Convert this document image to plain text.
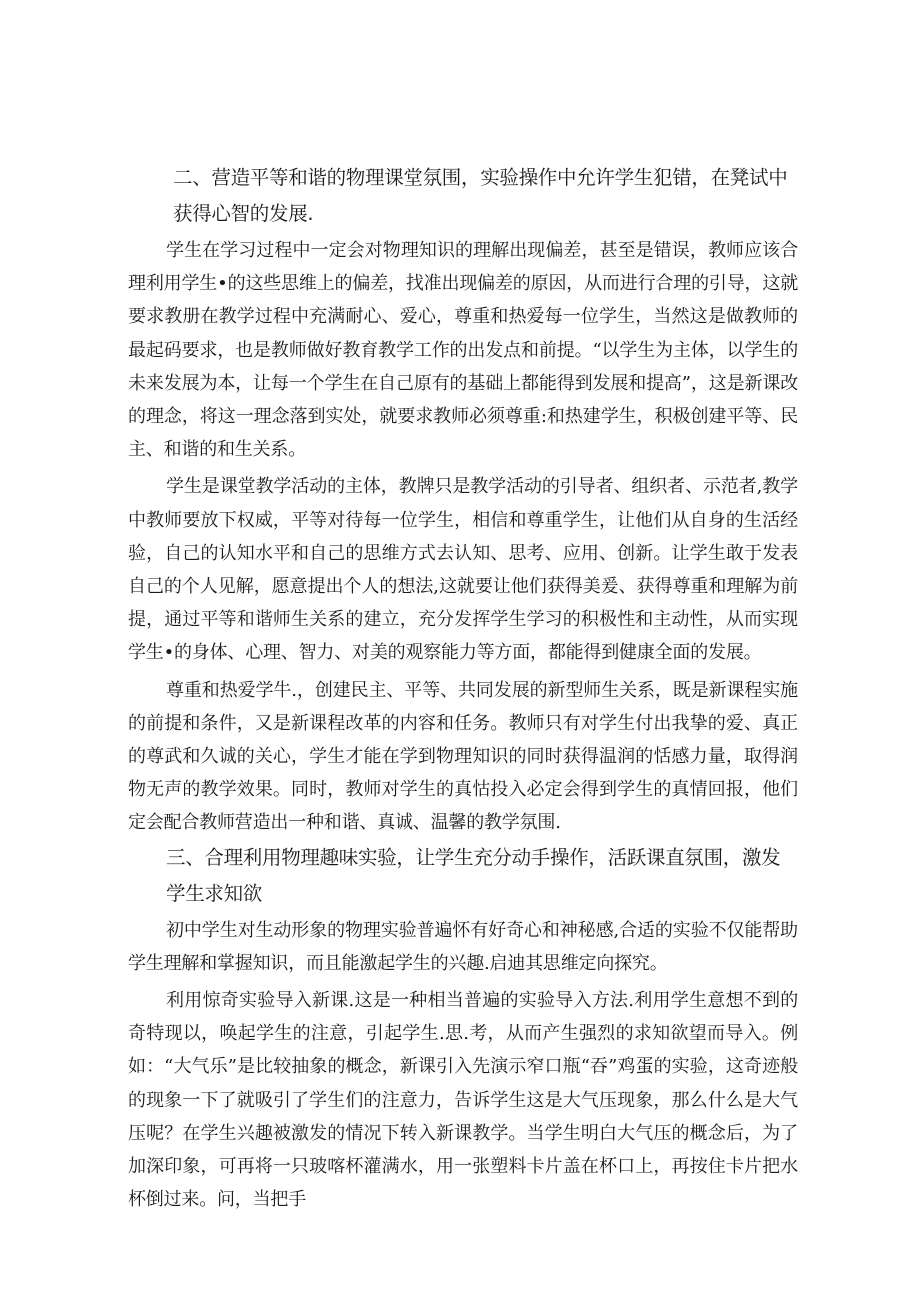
二、营造平等和谐的物理课堂氛围，实验操作中允许学生犯错，在凳试中获得心智的发展.

学生在学习过程中一定会对物理知识的理解出现偏差，甚至是错误，教师应该合理利用学生•的这些思维上的偏差，找准出现偏差的原因，从而进行合理的引导，这就要求教册在教学过程中充满耐心、爱心，尊重和热爱每一位学生，当然这是做教师的最起码要求，也是教师做好教育教学工作的出发点和前提。“以学生为主体，以学生的未来发展为本，让每一个学生在自己原有的基础上都能得到发展和提高”，这是新课改的理念，将这一理念落到实处，就要求教师必须尊重:和热建学生，积极创建平等、民主、和谐的和生关系。

学生是课堂教学活动的主体，教牌只是教学活动的引导者、组织者、示范者,教学中教师要放下权威，平等对待每一位学生，相信和尊重学生，让他们从自身的生活经验，自己的认知水平和自己的思维方式去认知、思考、应用、创新。让学生敢于发表自己的个人见解，愿意提出个人的想法,这就要让他们获得美爰、获得尊重和理解为前提，通过平等和谐师生关系的建立，充分发挥学生学习的积极性和主动性，从而实现学生•的身体、心理、智力、对美的观察能力等方面，都能得到健康全面的发展。

尊重和热爱学牛.，创建民主、平等、共同发展的新型师生关系，既是新课程实施的前提和条件，又是新课程改革的内容和任务。教师只有对学生付出我挚的爱、真正的尊武和久诚的关心，学生才能在学到物理知识的同时获得温润的恬感力量，取得润物无声的教学效果。同时，教师对学生的真怙投入必定会得到学生的真情回报，他们定会配合教师营造出一种和谐、真诚、温馨的教学氛围.

三、合理利用物理趣味实验，让学生充分动手操作，活跃课直氛围，激发学生求知欲

初中学生对生动形象的物理实验普遍怀有好奇心和神秘感,合适的实验不仅能帮助学生理解和掌握知识，而且能激起学生的兴趣.启迪其思维定向探究。

利用惊奇实验导入新课.这是一种相当普遍的实验导入方法.利用学生意想不到的奇特现以，唤起学生的注意，引起学生.思.考，从而产生强烈的求知欲望而导入。例如：“大气乐”是比较抽象的概念，新课引入先演示窄口瓶“吞”鸡蛋的实验，这奇迹般的现象一下了就吸引了学生们的注意力，告诉学生这是大气压现象，那么什么是大气压呢？在学生兴趣被激发的情况下转入新课教学。当学生明白大气压的概念后，为了加深印象，可再将一只玻喀杯灌满水，用一张塑料卡片盖在杯口上，再按住卡片把水杯倒过来。问，当把手
